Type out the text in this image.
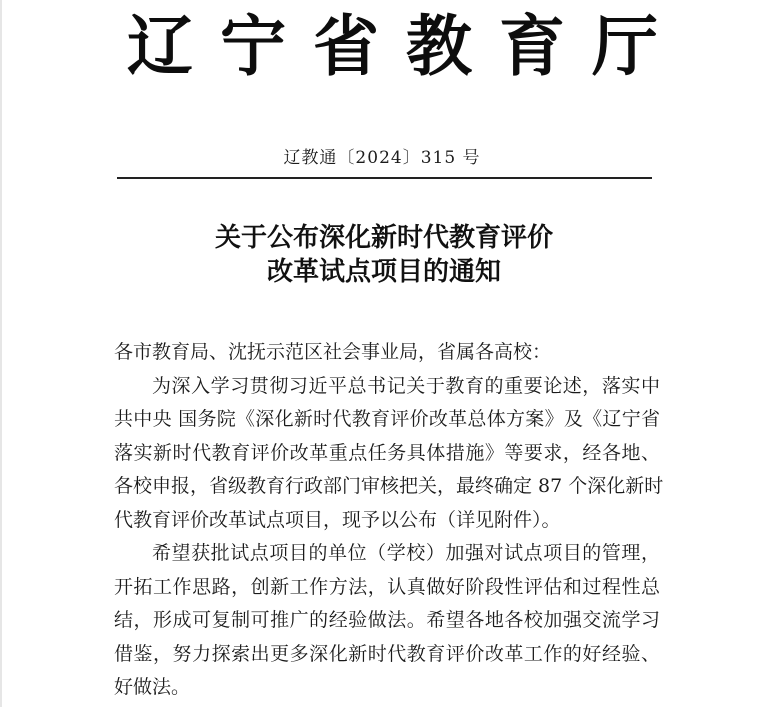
辽宁省教育厅
辽教通〔2024〕315 号
关于公布深化新时代教育评价
改革试点项目的通知
各市教育局、沈抚示范区社会事业局，省属各高校：
为深入学习贯彻习近平总书记关于教育的重要论述，落实中
共中央 国务院《深化新时代教育评价改革总体方案》及《辽宁省
落实新时代教育评价改革重点任务具体措施》等要求，经各地、
各校申报，省级教育行政部门审核把关，最终确定 87 个深化新时
代教育评价改革试点项目，现予以公布（详见附件）。
希望获批试点项目的单位（学校）加强对试点项目的管理，
开拓工作思路，创新工作方法，认真做好阶段性评估和过程性总
结，形成可复制可推广的经验做法。希望各地各校加强交流学习
借鉴，努力探索出更多深化新时代教育评价改革工作的好经验、
好做法。
